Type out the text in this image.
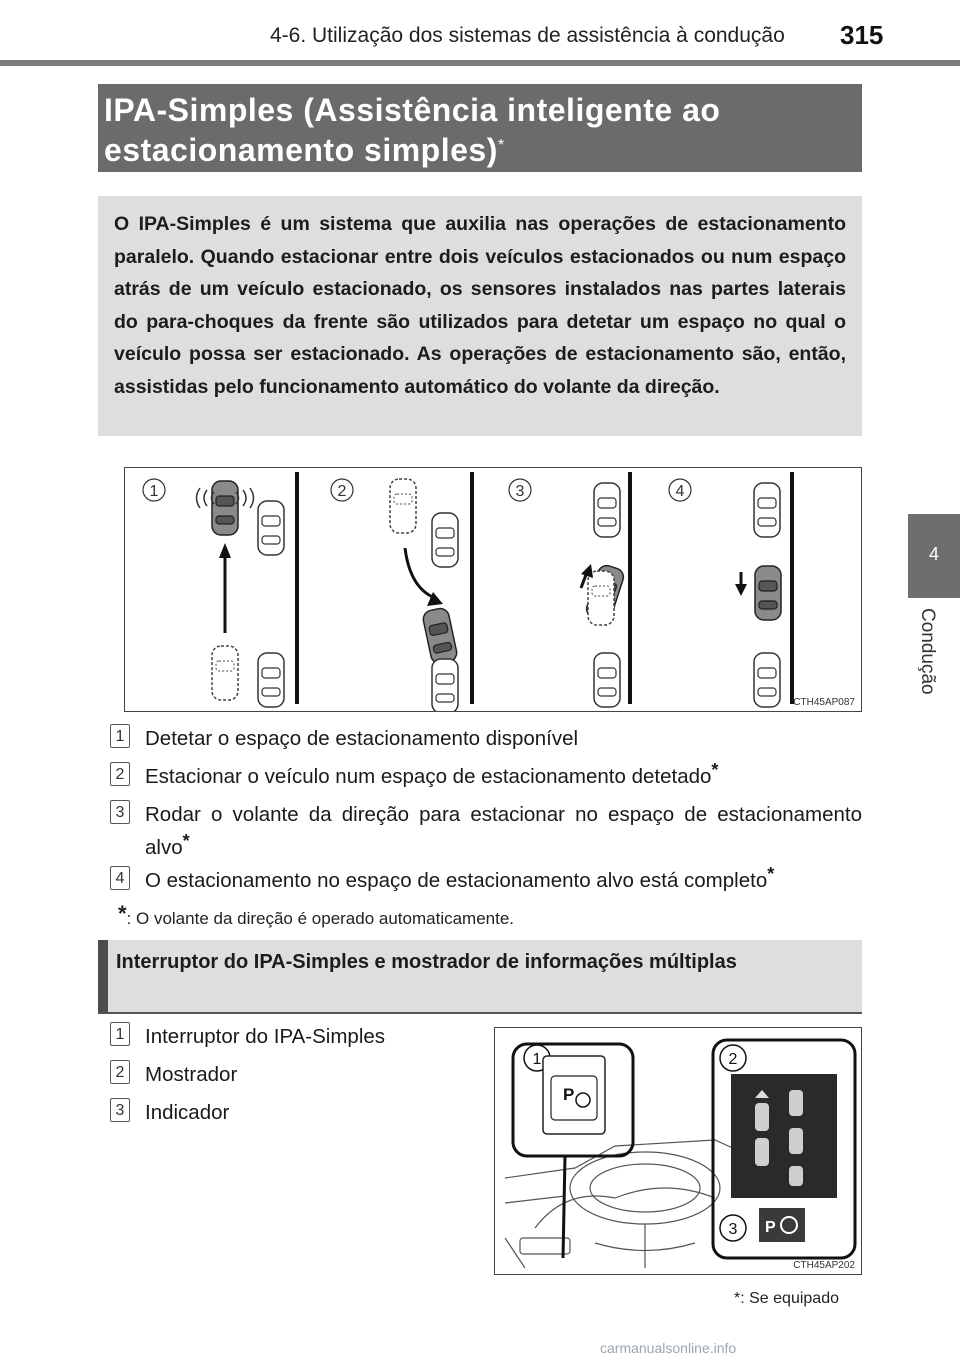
4-6. Utilização dos sistemas de assistência à condução 315
4
Condução
IPA-Simples (Assistência inteligente ao estacionamento simples)*
O IPA-Simples é um sistema que auxilia nas operações de estacionamento paralelo. Quando estacionar entre dois veículos estacionados ou num espaço atrás de um veículo estacionado, os sensores instalados nas partes laterais do para-choques da frente são utilizados para detetar um espaço no qual o veículo possa ser estacionado. As operações de estacionamento são, então, assistidas pelo funcionamento automático do volante da direção.
1	2	3	4
CTH45AP087
1 Detetar o espaço de estacionamento disponível
2 Estacionar o veículo num espaço de estacionamento detetado*
3 Rodar o volante da direção para estacionar no espaço de estacionamento alvo*
4 O estacionamento no espaço de estacionamento alvo está completo*
*: O volante da direção é operado automaticamente.
Interruptor do IPA-Simples e mostrador de informações múltiplas
1 Interruptor do IPA-Simples
2 Mostrador
3 Indicador
1
P
2
3 P
CTH45AP202
*: Se equipado
carmanualsonline.info
